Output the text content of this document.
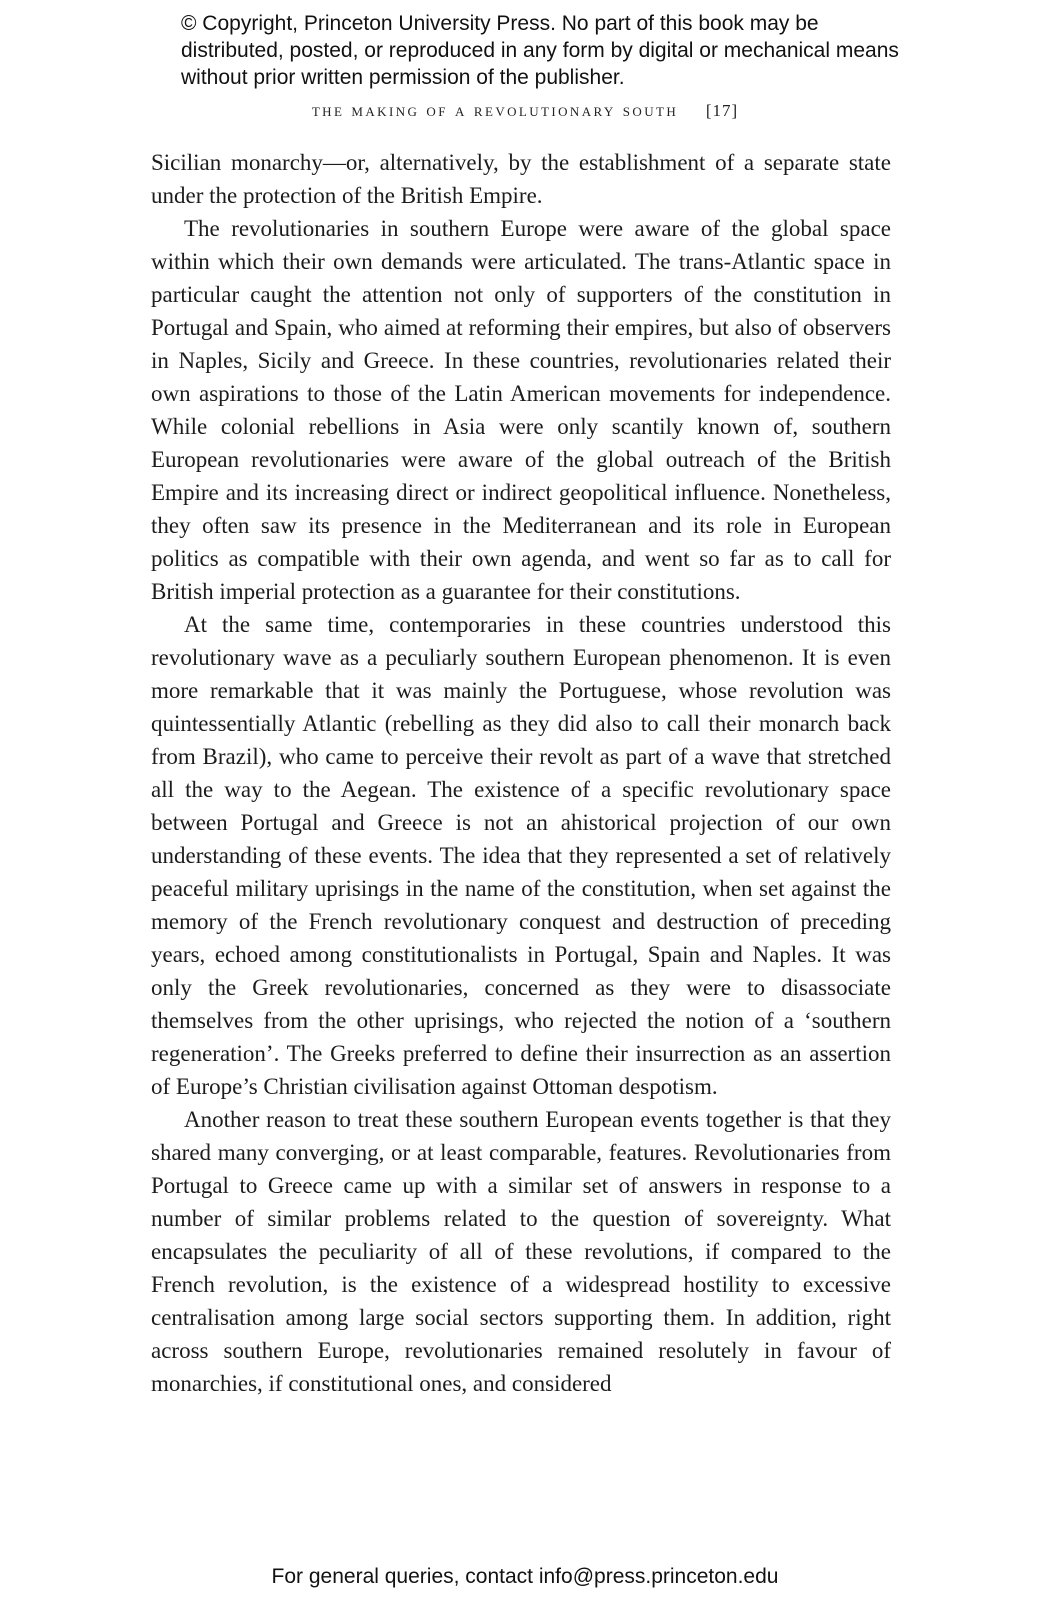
© Copyright, Princeton University Press. No part of this book may be distributed, posted, or reproduced in any form by digital or mechanical means without prior written permission of the publisher.
the making of a revolutionary south [17]

Sicilian monarchy—or, alternatively, by the establishment of a separate state under the protection of the British Empire.

The revolutionaries in southern Europe were aware of the global space within which their own demands were articulated. The trans-Atlantic space in particular caught the attention not only of supporters of the constitution in Portugal and Spain, who aimed at reforming their empires, but also of observers in Naples, Sicily and Greece. In these countries, revolutionaries related their own aspirations to those of the Latin American movements for independence. While colonial rebellions in Asia were only scantily known of, southern European revolutionaries were aware of the global outreach of the British Empire and its increasing direct or indirect geopolitical influence. Nonetheless, they often saw its presence in the Mediterranean and its role in European politics as compatible with their own agenda, and went so far as to call for British imperial protection as a guarantee for their constitutions.

At the same time, contemporaries in these countries understood this revolutionary wave as a peculiarly southern European phenomenon. It is even more remarkable that it was mainly the Portuguese, whose revolution was quintessentially Atlantic (rebelling as they did also to call their monarch back from Brazil), who came to perceive their revolt as part of a wave that stretched all the way to the Aegean. The existence of a specific revolutionary space between Portugal and Greece is not an ahistorical projection of our own understanding of these events. The idea that they represented a set of relatively peaceful military uprisings in the name of the constitution, when set against the memory of the French revolutionary conquest and destruction of preceding years, echoed among constitutionalists in Portugal, Spain and Naples. It was only the Greek revolutionaries, concerned as they were to disassociate themselves from the other uprisings, who rejected the notion of a ‘southern regeneration’. The Greeks preferred to define their insurrection as an assertion of Europe’s Christian civilisation against Ottoman despotism.

Another reason to treat these southern European events together is that they shared many converging, or at least comparable, features. Revolutionaries from Portugal to Greece came up with a similar set of answers in response to a number of similar problems related to the question of sovereignty. What encapsulates the peculiarity of all of these revolutions, if compared to the French revolution, is the existence of a widespread hostility to excessive centralisation among large social sectors supporting them. In addition, right across southern Europe, revolutionaries remained resolutely in favour of monarchies, if constitutional ones, and considered

For general queries, contact info@press.princeton.edu
